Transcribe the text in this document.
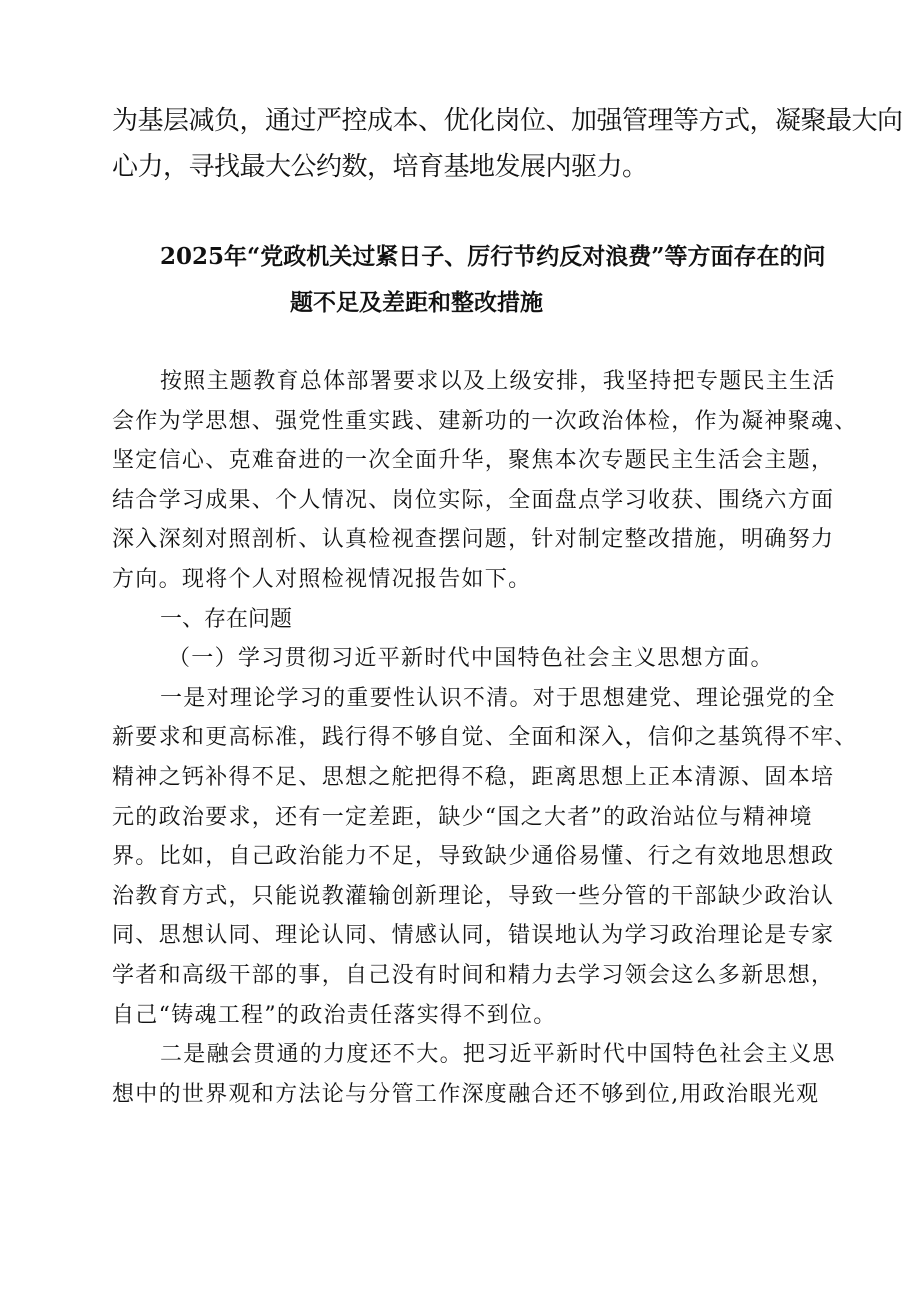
为基层减负，通过严控成本、优化岗位、加强管理等方式，凝聚最大向

心力，寻找最大公约数，培育基地发展内驱力。

2025年“党政机关过紧日子、厉行节约反对浪费”等方面存在的问
题不足及差距和整改措施

按照主题教育总体部署要求以及上级安排，我坚持把专题民主生活

会作为学思想、强党性重实践、建新功的一次政治体检，作为凝神聚魂、

坚定信心、克难奋进的一次全面升华，聚焦本次专题民主生活会主题，

结合学习成果、个人情况、岗位实际，全面盘点学习收获、围绕六方面

深入深刻对照剖析、认真检视查摆问题，针对制定整改措施，明确努力

方向。现将个人对照检视情况报告如下。

一、存在问题

（一）学习贯彻习近平新时代中国特色社会主义思想方面。

一是对理论学习的重要性认识不清。对于思想建党、理论强党的全

新要求和更高标准，践行得不够自觉、全面和深入，信仰之基筑得不牢、

精神之钙补得不足、思想之舵把得不稳，距离思想上正本清源、固本培

元的政治要求，还有一定差距，缺少“国之大者”的政治站位与精神境

界。比如，自己政治能力不足，导致缺少通俗易懂、行之有效地思想政

治教育方式，只能说教灌输创新理论，导致一些分管的干部缺少政治认

同、思想认同、理论认同、情感认同，错误地认为学习政治理论是专家

学者和高级干部的事，自己没有时间和精力去学习领会这么多新思想，

自己“铸魂工程”的政治责任落实得不到位。

二是融会贯通的力度还不大。把习近平新时代中国特色社会主义思

想中的世界观和方法论与分管工作深度融合还不够到位,用政治眼光观
